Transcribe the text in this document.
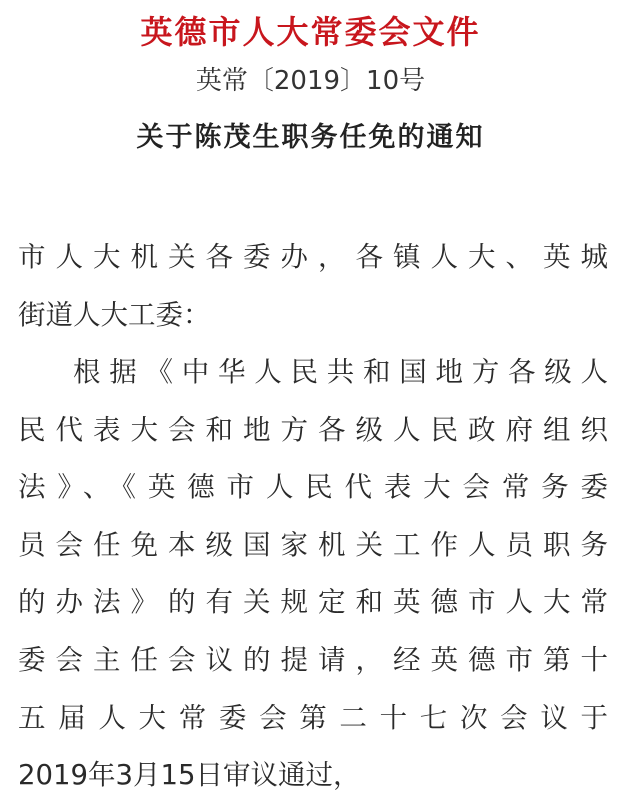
英德市人大常委会文件
英常〔2019〕10号
关于陈茂生职务任免的通知
市人大机关各委办，各镇人大、英城
街道人大工委：
根据《中华人民共和国地方各级人
民代表大会和地方各级人民政府组织
法》、《英德市人民代表大会常务委
员会任免本级国家机关工作人员职务
的办法》的有关规定和英德市人大常
委会主任会议的提请，经英德市第十
五届人大常委会第二十七次会议于
2019年3月15日审议通过，
